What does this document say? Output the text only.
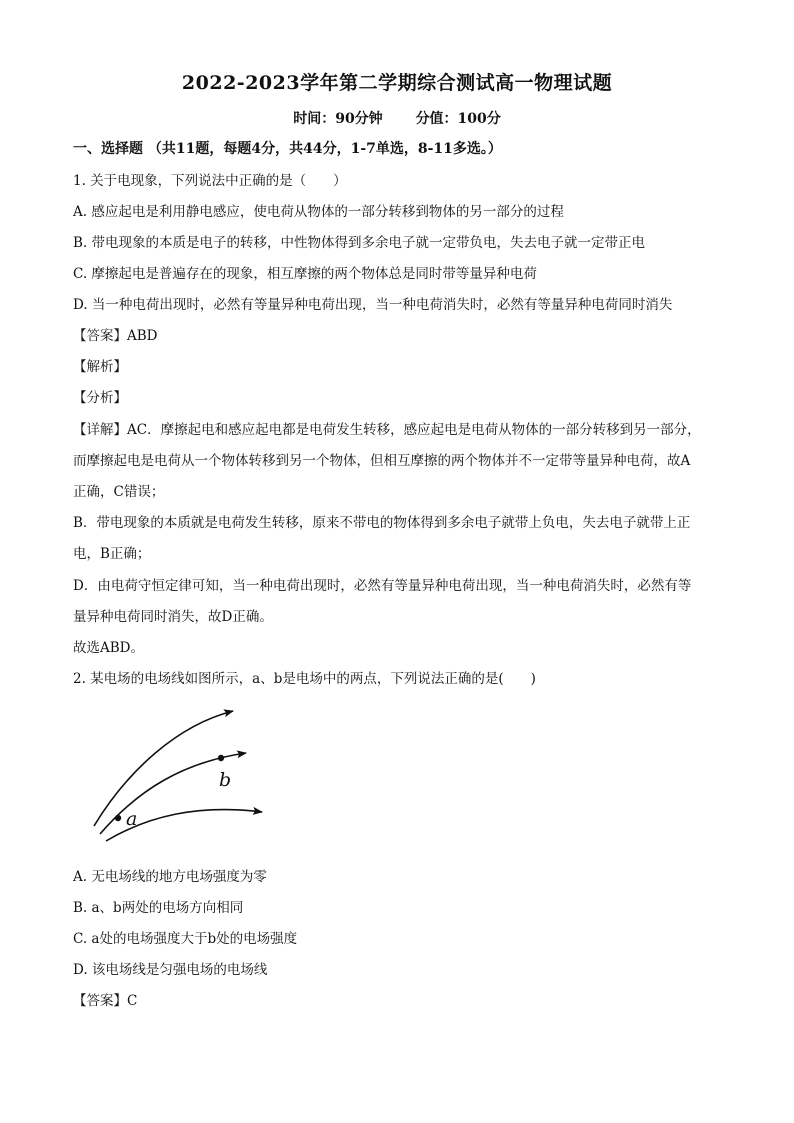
2022-2023学年第二学期综合测试高一物理试题
时间：90分钟 分值：100分
一、选择题 （共11题，每题4分，共44分，1-7单选，8-11多选。）
1. 关于电现象，下列说法中正确的是（　　）
A. 感应起电是利用静电感应，使电荷从物体的一部分转移到物体的另一部分的过程
B. 带电现象的本质是电子的转移，中性物体得到多余电子就一定带负电，失去电子就一定带正电
C. 摩擦起电是普遍存在的现象，相互摩擦的两个物体总是同时带等量异种电荷
D. 当一种电荷出现时，必然有等量异种电荷出现，当一种电荷消失时，必然有等量异种电荷同时消失
【答案】ABD
【解析】
【分析】
【详解】AC．摩擦起电和感应起电都是电荷发生转移，感应起电是电荷从物体的一部分转移到另一部分，
而摩擦起电是电荷从一个物体转移到另一个物体，但相互摩擦的两个物体并不一定带等量异种电荷，故A
正确，C错误；
B．带电现象的本质就是电荷发生转移，原来不带电的物体得到多余电子就带上负电，失去电子就带上正
电，B正确；
D．由电荷守恒定律可知，当一种电荷出现时，必然有等量异种电荷出现，当一种电荷消失时，必然有等
量异种电荷同时消失，故D正确。
故选ABD。
2. 某电场的电场线如图所示，a、b是电场中的两点，下列说法正确的是(　　)
b
a
A. 无电场线的地方电场强度为零
B. a、b两处的电场方向相同
C. a处的电场强度大于b处的电场强度
D. 该电场线是匀强电场的电场线
【答案】C
